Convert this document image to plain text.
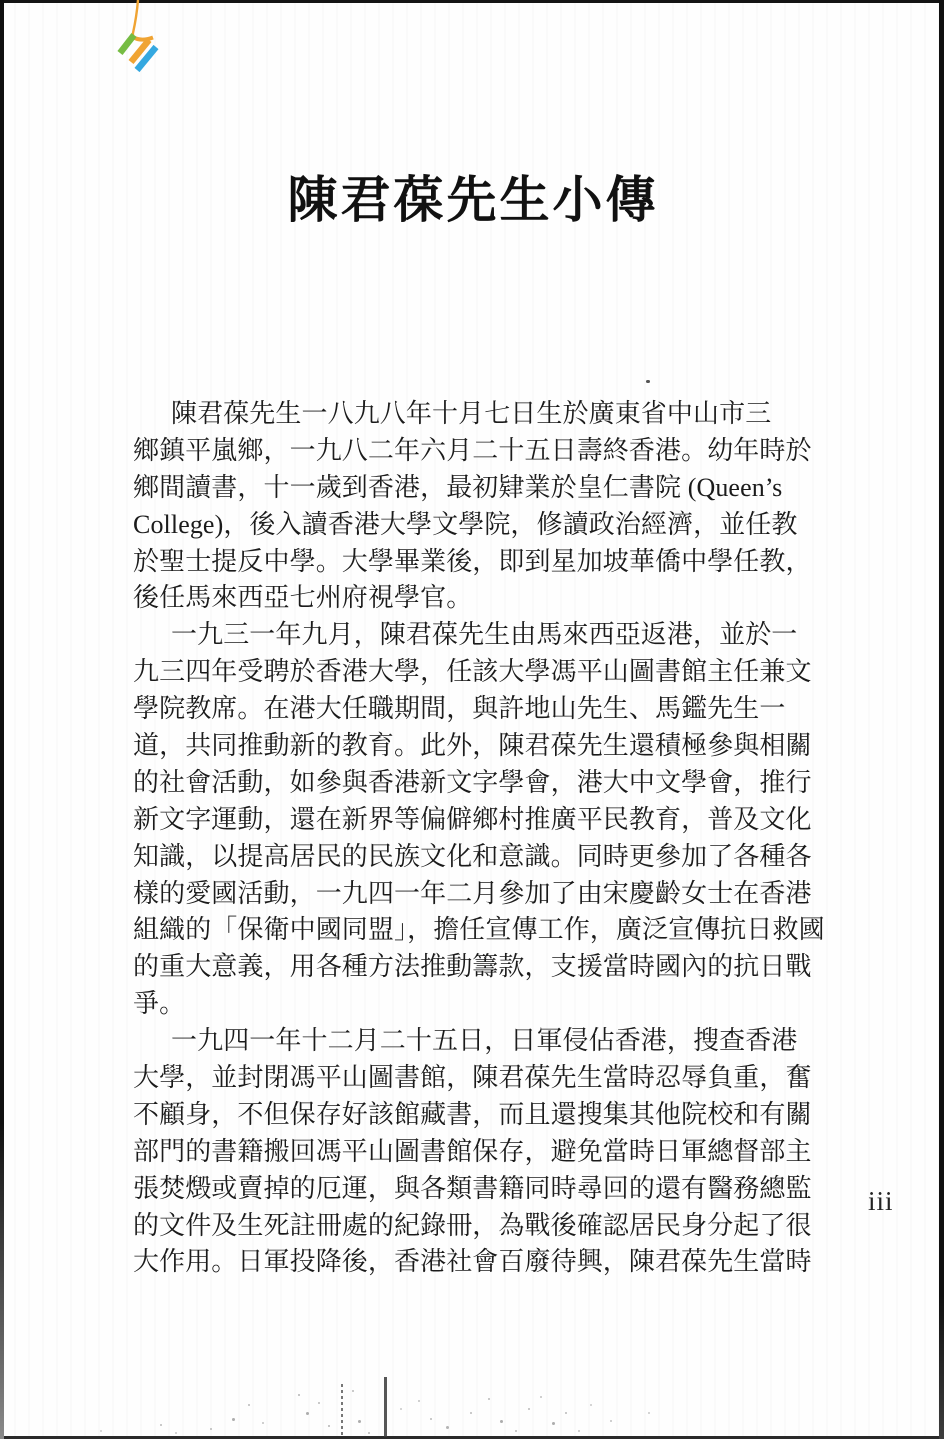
陳君葆先生小傳
陳君葆先生一八九八年十月七日生於廣東省中山市三
鄉鎮平嵐鄉，一九八二年六月二十五日壽終香港。幼年時於
鄉間讀書，十一歲到香港，最初肄業於皇仁書院 (Queen’s
College)，後入讀香港大學文學院，修讀政治經濟，並任教
於聖士提反中學。大學畢業後，即到星加坡華僑中學任教，
後任馬來西亞七州府視學官。
一九三一年九月，陳君葆先生由馬來西亞返港，並於一
九三四年受聘於香港大學，任該大學馮平山圖書館主任兼文
學院教席。在港大任職期間，與許地山先生、馬鑑先生一
道，共同推動新的教育。此外，陳君葆先生還積極參與相關
的社會活動，如參與香港新文字學會，港大中文學會，推行
新文字運動，還在新界等偏僻鄉村推廣平民教育，普及文化
知識，以提高居民的民族文化和意識。同時更參加了各種各
樣的愛國活動，一九四一年二月參加了由宋慶齡女士在香港
組織的「保衛中國同盟」，擔任宣傳工作，廣泛宣傳抗日救國
的重大意義，用各種方法推動籌款，支援當時國內的抗日戰
爭。
一九四一年十二月二十五日，日軍侵佔香港，搜查香港
大學，並封閉馮平山圖書館，陳君葆先生當時忍辱負重，奮
不顧身，不但保存好該館藏書，而且還搜集其他院校和有關
部門的書籍搬回馮平山圖書館保存，避免當時日軍總督部主
張焚燬或賣掉的厄運，與各類書籍同時尋回的還有醫務總監
的文件及生死註冊處的紀錄冊，為戰後確認居民身分起了很
大作用。日軍投降後，香港社會百廢待興，陳君葆先生當時
iii
